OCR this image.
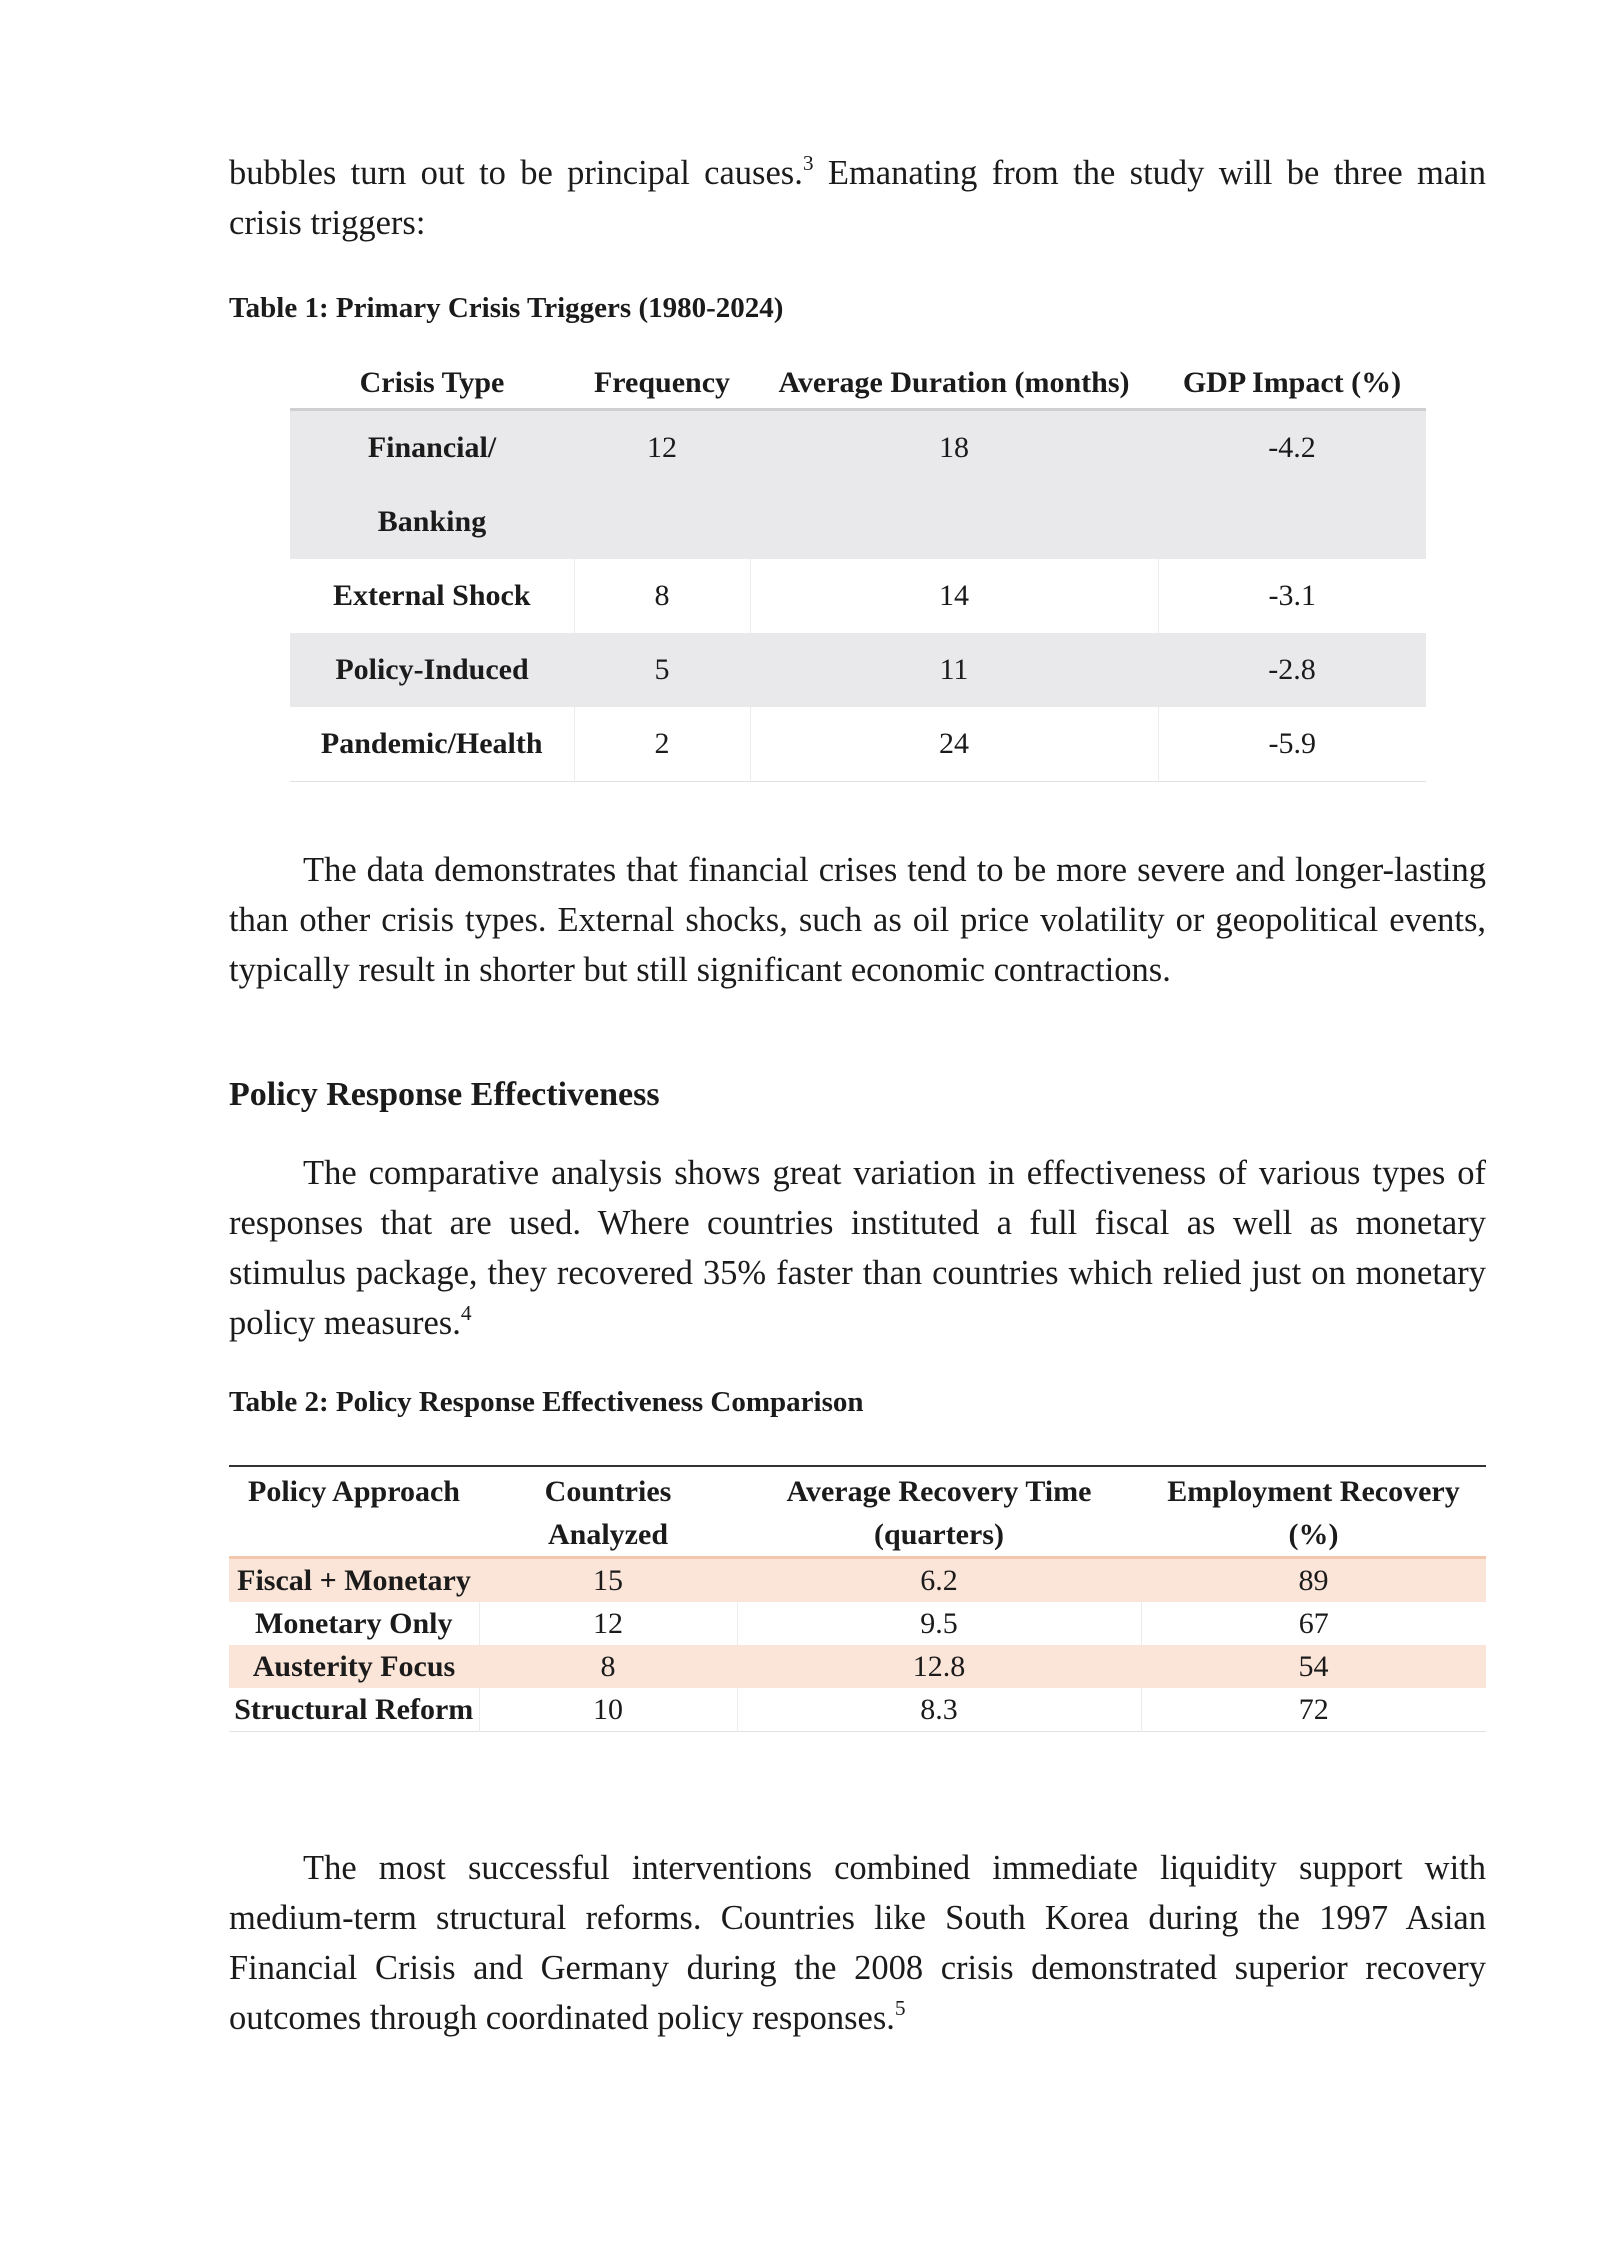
bubbles turn out to be principal causes.$^3$ Emanating from the study will be three main crisis triggers:

Table 1: Primary Crisis Triggers (1980-2024)

Crisis Type	Frequency	Average Duration (months)	GDP Impact (%)
Financial/
Banking	12	18	-4.2
External Shock	8	14	-3.1
Policy-Induced	5	11	-2.8
Pandemic/Health	2	24	-5.9

The data demonstrates that financial crises tend to be more severe and longer-lasting than other crisis types. External shocks, such as oil price volatility or geopolitical events, typically result in shorter but still significant economic contractions.

Policy Response Effectiveness

The comparative analysis shows great variation in effectiveness of various types of responses that are used. Where countries instituted a full fiscal as well as monetary stimulus package, they recovered 35% faster than countries which relied just on monetary policy measures.$^4$

Table 2: Policy Response Effectiveness Comparison

Policy Approach	Countries Analyzed	Average Recovery Time (quarters)	Employment Recovery (%)
Fiscal + Monetary	15	6.2	89
Monetary Only	12	9.5	67
Austerity Focus	8	12.8	54
Structural Reform	10	8.3	72

The most successful interventions combined immediate liquidity support with medium-term structural reforms. Countries like South Korea during the 1997 Asian Financial Crisis and Germany during the 2008 crisis demonstrated superior recovery outcomes through coordinated policy responses.$^5$
